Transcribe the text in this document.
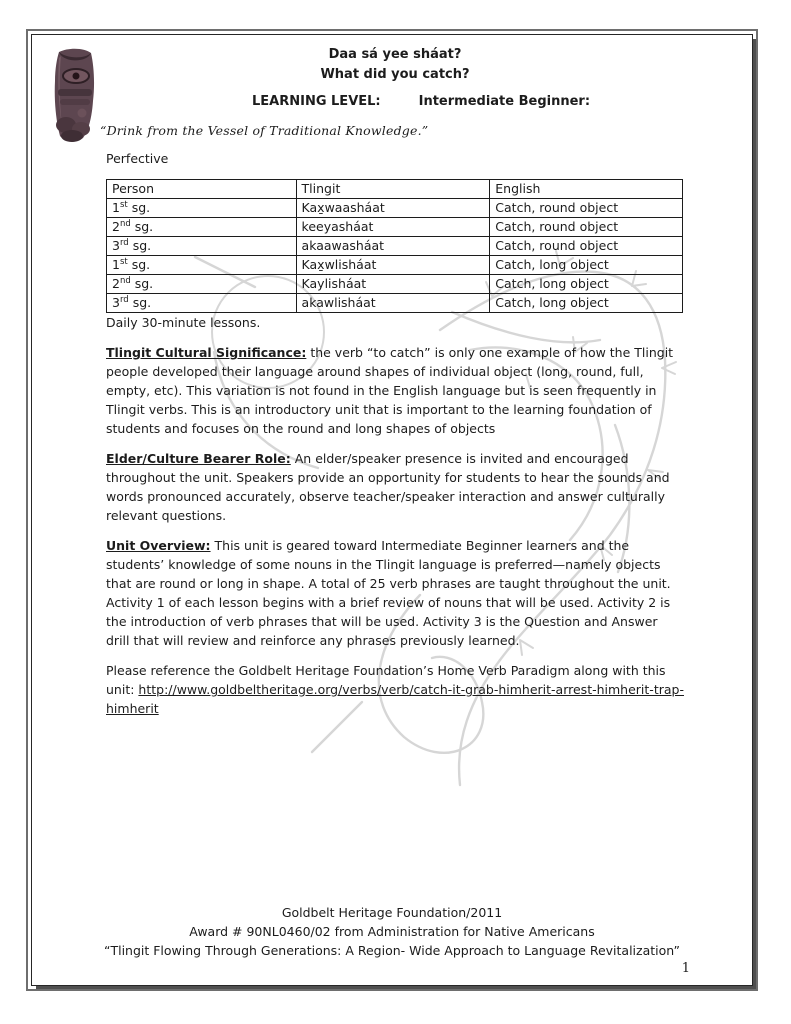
Daa sá yee sháat?
What did you catch?
LEARNING LEVEL:	Intermediate Beginner:
“Drink from the Vessel of Traditional Knowledge.”
Perfective
Person	Tlingit	English
1st sg.	Kax̱waasháat	Catch, round object
2nd sg.	keeyasháat	Catch, round object
3rd sg.	akaawasháat	Catch, round object
1st sg.	Kax̱wlisháat	Catch, long object
2nd sg.	Kaylisháat	Catch, long object
3rd sg.	akawlisháat	Catch, long object
Daily 30-minute lessons.

Tlingit Cultural Significance: the verb “to catch” is only one example of how the Tlingit people developed their language around shapes of individual object (long, round, full, empty, etc). This variation is not found in the English language but is seen frequently in Tlingit verbs. This is an introductory unit that is important to the learning foundation of students and focuses on the round and long shapes of objects

Elder/Culture Bearer Role: An elder/speaker presence is invited and encouraged throughout the unit. Speakers provide an opportunity for students to hear the sounds and words pronounced accurately, observe teacher/speaker interaction and answer culturally relevant questions.

Unit Overview: This unit is geared toward Intermediate Beginner learners and the students’ knowledge of some nouns in the Tlingit language is preferred—namely objects that are round or long in shape. A total of 25 verb phrases are taught throughout the unit. Activity 1 of each lesson begins with a brief review of nouns that will be used. Activity 2 is the introduction of verb phrases that will be used. Activity 3 is the Question and Answer drill that will review and reinforce any phrases previously learned.

Please reference the Goldbelt Heritage Foundation’s Home Verb Paradigm along with this unit: http://www.goldbeltheritage.org/verbs/verb/catch-it-grab-himherit-arrest-himherit-trap-himherit

Goldbelt Heritage Foundation/2011
Award # 90NL0460/02 from Administration for Native Americans
“Tlingit Flowing Through Generations: A Region- Wide Approach to Language Revitalization”
1
